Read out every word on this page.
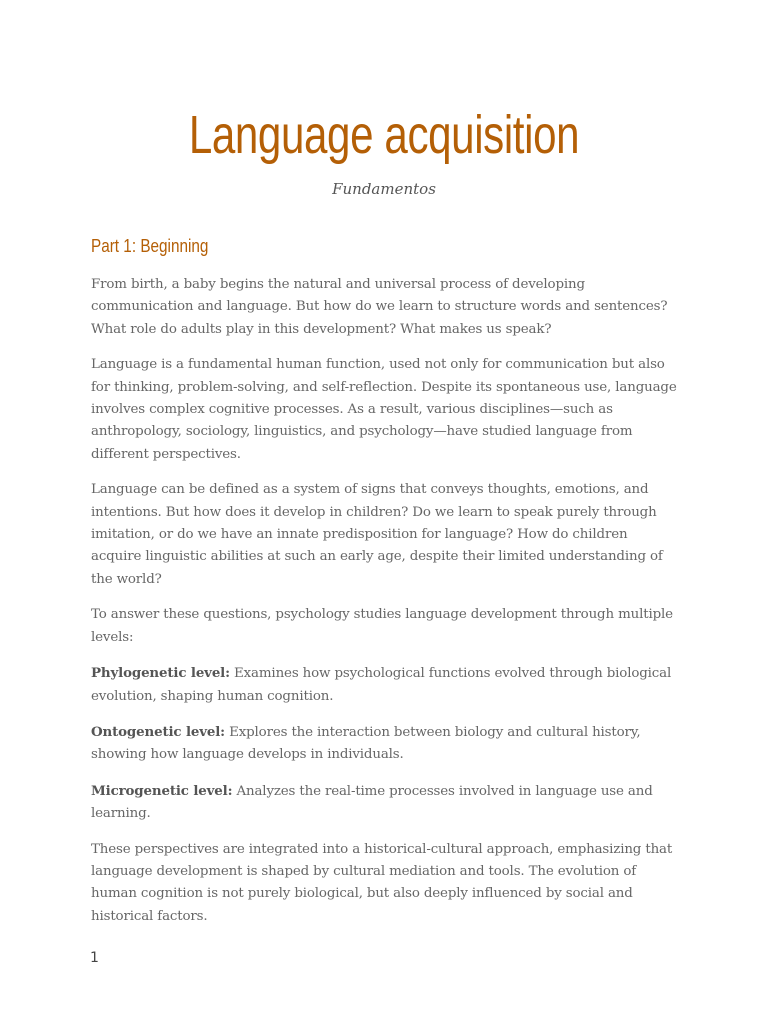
Language acquisition
Fundamentos
Part 1: Beginning

From birth, a baby begins the natural and universal process of developing communication and language. But how do we learn to structure words and sentences? What role do adults play in this development? What makes us speak?

Language is a fundamental human function, used not only for communication but also for thinking, problem-solving, and self-reflection. Despite its spontaneous use, language involves complex cognitive processes. As a result, various disciplines—such as anthropology, sociology, linguistics, and psychology—have studied language from different perspectives.

Language can be defined as a system of signs that conveys thoughts, emotions, and intentions. But how does it develop in children? Do we learn to speak purely through imitation, or do we have an innate predisposition for language? How do children acquire linguistic abilities at such an early age, despite their limited understanding of the world?

To answer these questions, psychology studies language development through multiple levels:

Phylogenetic level: Examines how psychological functions evolved through biological evolution, shaping human cognition.

Ontogenetic level: Explores the interaction between biology and cultural history, showing how language develops in individuals.

Microgenetic level: Analyzes the real-time processes involved in language use and learning.

These perspectives are integrated into a historical-cultural approach, emphasizing that language development is shaped by cultural mediation and tools. The evolution of human cognition is not purely biological, but also deeply influenced by social and historical factors.

1
